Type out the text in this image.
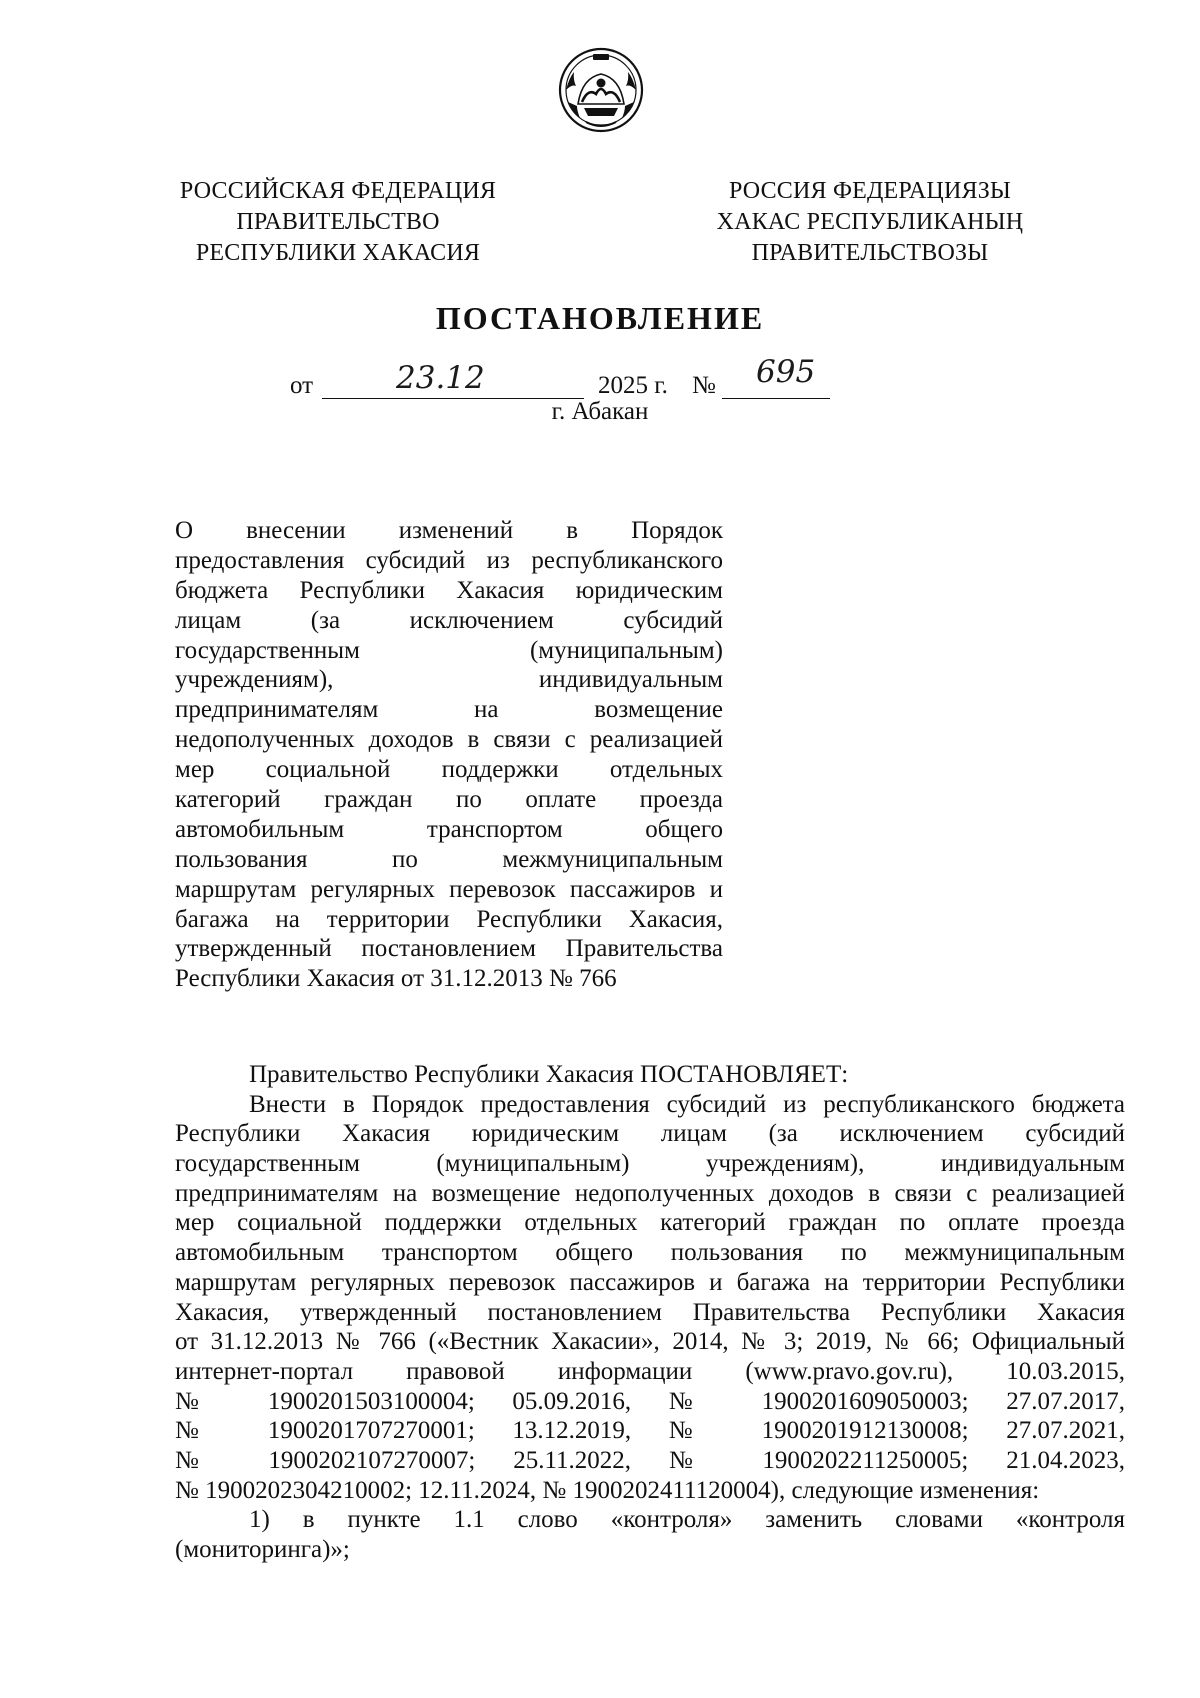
РОССИЙСКАЯ ФЕДЕРАЦИЯ
ПРАВИТЕЛЬСТВО
РЕСПУБЛИКИ ХАКАСИЯ
РОССИЯ ФЕДЕРАЦИЯЗЫ
ХАКАС РЕСПУБЛИКАНЫҢ
ПРАВИТЕЛЬСТВОЗЫ
ПОСТАНОВЛЕНИЕ
от	23.12	2025 г. № 695
г. Абакан
О внесении изменений в Порядок
предоставления субсидий из республиканского
бюджета Республики Хакасия юридическим
лицам (за исключением субсидий
государственным (муниципальным)
учреждениям), индивидуальным
предпринимателям на возмещение
недополученных доходов в связи с реализацией
мер социальной поддержки отдельных
категорий граждан по оплате проезда
автомобильным транспортом общего
пользования по межмуниципальным
маршрутам регулярных перевозок пассажиров и
багажа на территории Республики Хакасия,
утвержденный постановлением Правительства
Республики Хакасия от 31.12.2013 № 766
Правительство Республики Хакасия ПОСТАНОВЛЯЕТ:
Внести в Порядок предоставления субсидий из республиканского бюджета
Республики Хакасия юридическим лицам (за исключением субсидий
государственным (муниципальным) учреждениям), индивидуальным
предпринимателям на возмещение недополученных доходов в связи с реализацией
мер социальной поддержки отдельных категорий граждан по оплате проезда
автомобильным транспортом общего пользования по межмуниципальным
маршрутам регулярных перевозок пассажиров и багажа на территории Республики
Хакасия, утвержденный постановлением Правительства Республики Хакасия
от 31.12.2013 № 766 («Вестник Хакасии», 2014, № 3; 2019, № 66; Официальный
интернет-портал правовой информации (www.pravo.gov.ru), 10.03.2015,
№ 1900201503100004; 05.09.2016, № 1900201609050003; 27.07.2017,
№ 1900201707270001; 13.12.2019, № 1900201912130008; 27.07.2021,
№ 1900202107270007; 25.11.2022, № 1900202211250005; 21.04.2023,
№ 1900202304210002; 12.11.2024, № 1900202411120004), следующие изменения:
1) в пункте 1.1 слово «контроля» заменить словами «контроля
(мониторинга)»;
